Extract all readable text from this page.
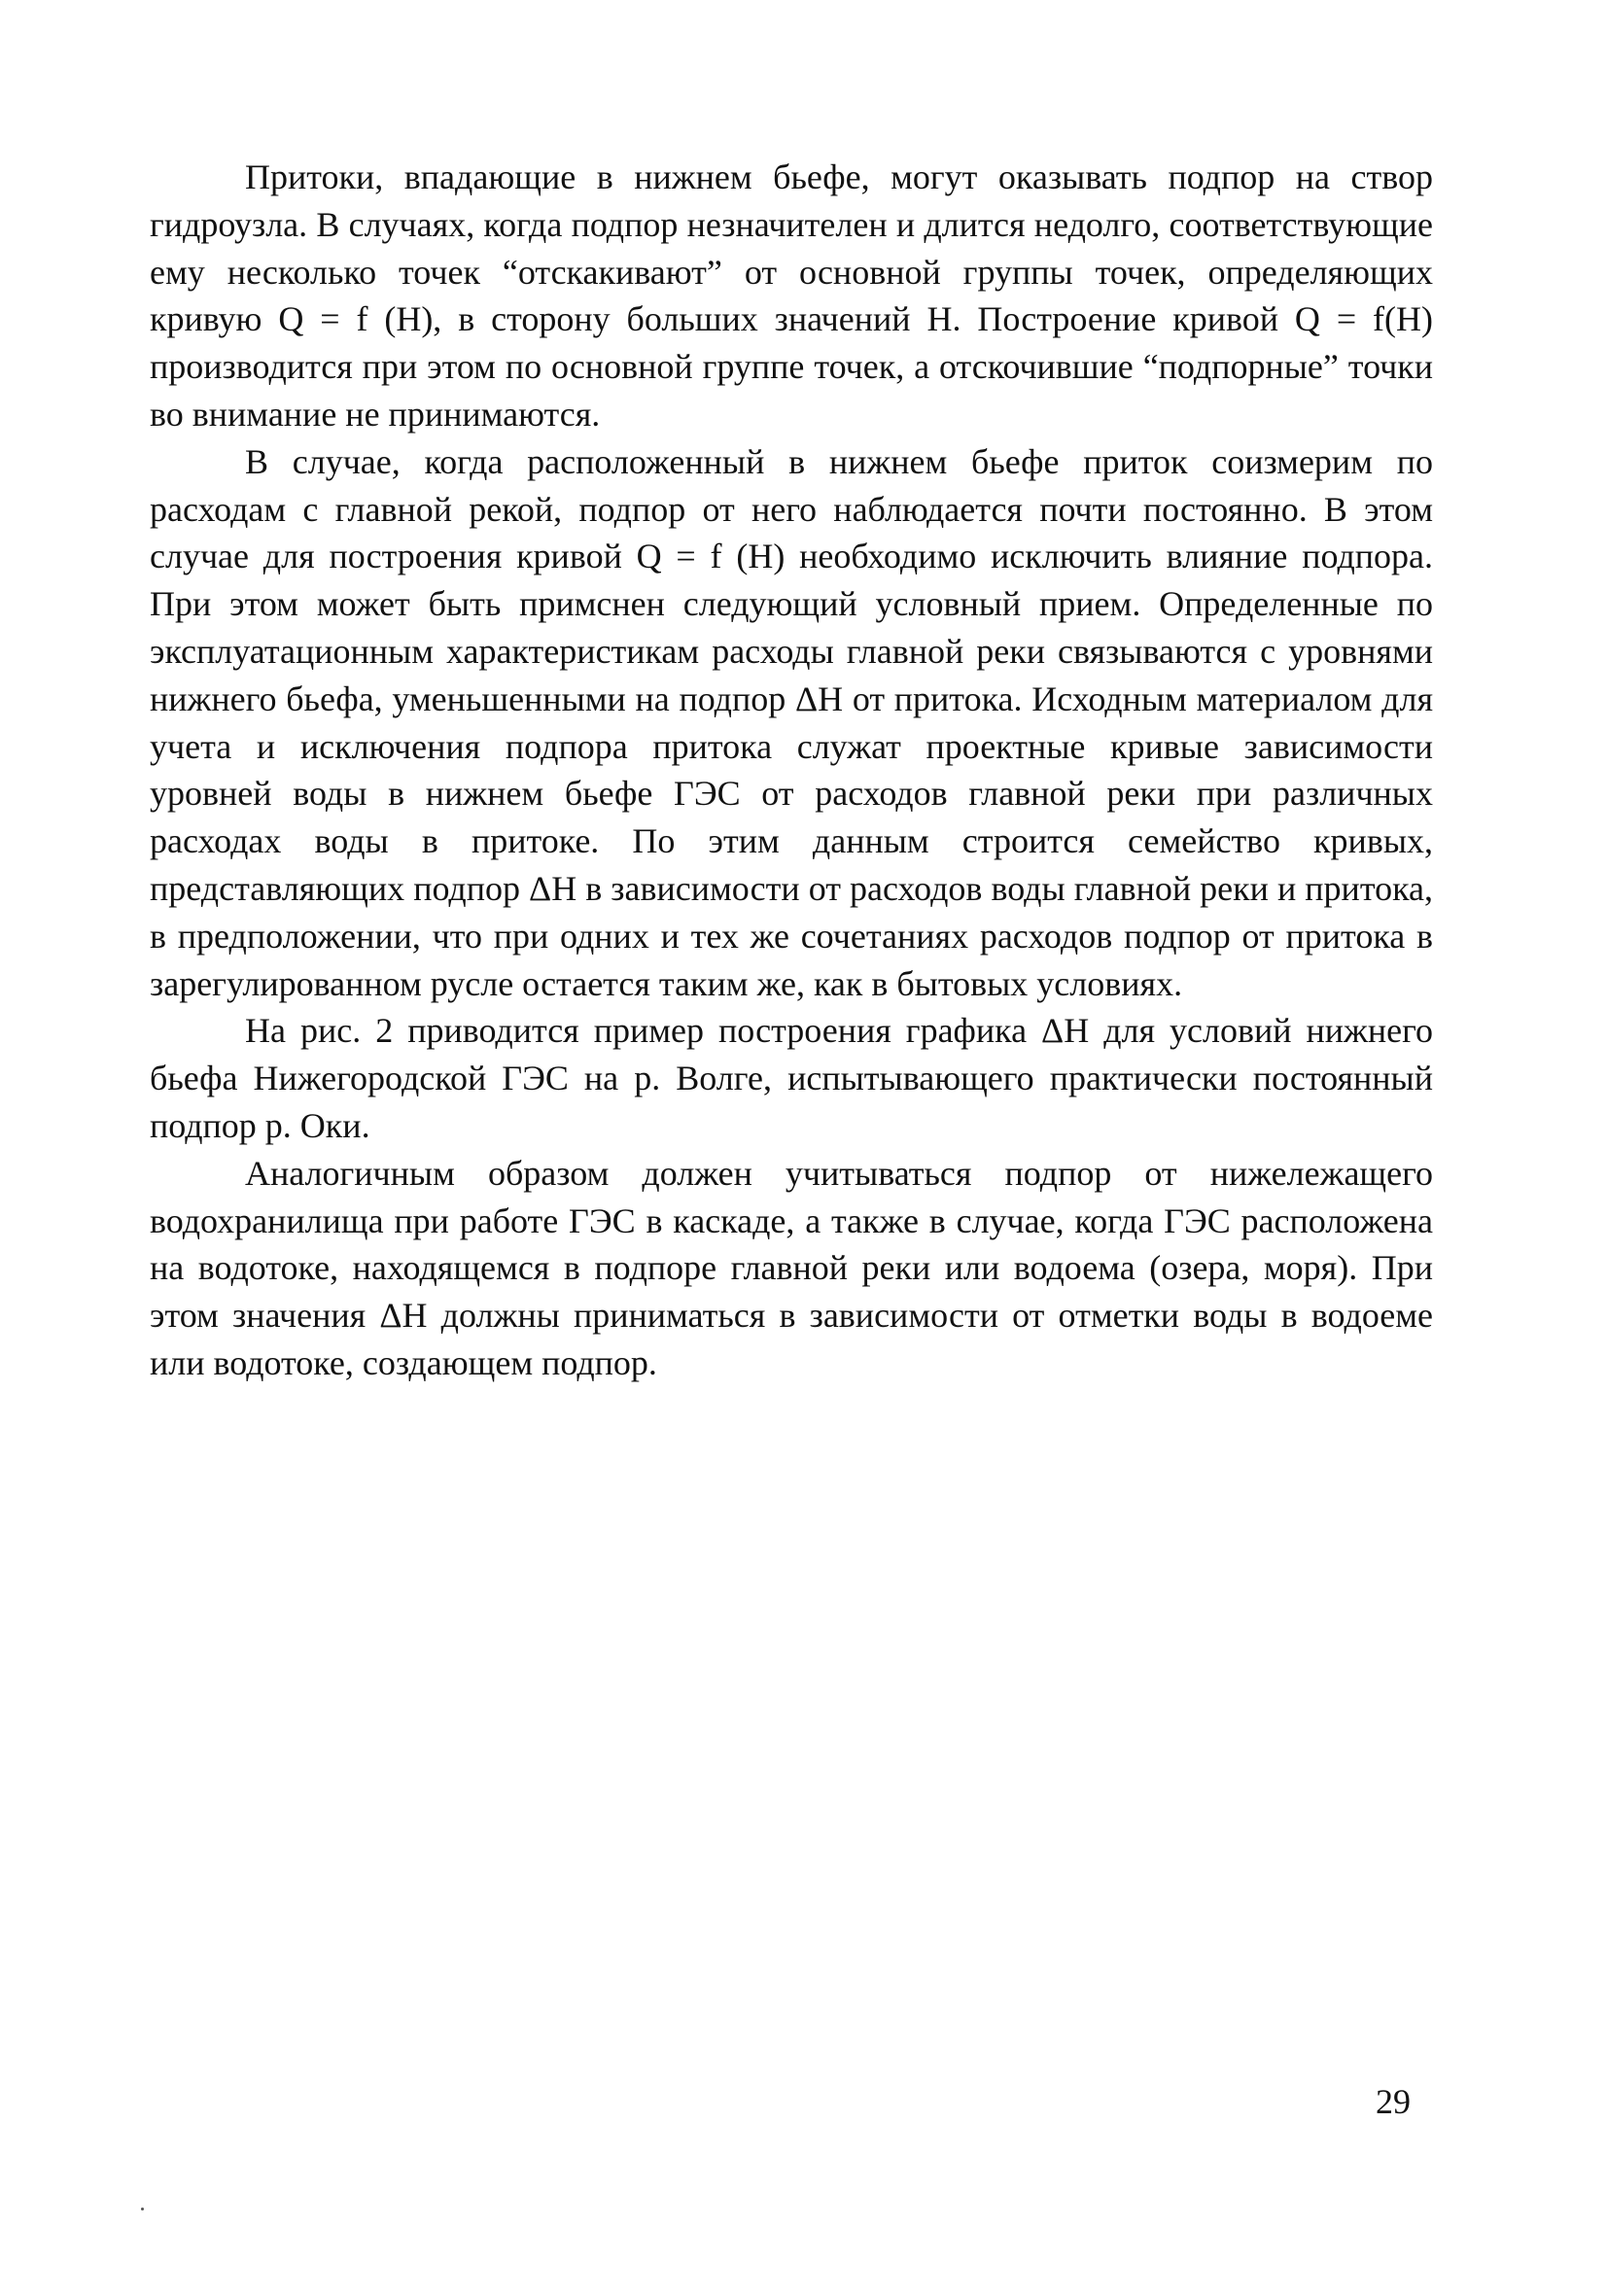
Притоки, впадающие в нижнем бьефе, могут оказывать подпор на створ гидроузла. В случаях, когда подпор незначителен и длится недолго, соответствующие ему несколько точек “отскакивают” от основной группы точек, определяющих кривую Q = f (H), в сторону больших значений H. Построение кривой Q = f(H) производится при этом по основной группе точек, а отскочившие “подпорные” точки во внимание не принимаются.

В случае, когда расположенный в нижнем бьефе приток соизмерим по расходам с главной рекой, подпор от него наблюдается почти постоянно. В этом случае для построения кривой Q = f (H) необходимо исключить влияние подпора. При этом может быть примснен следующий условный прием. Определенные по эксплуатационным характеристикам расходы главной реки связываются с уровнями нижнего бьефа, уменьшенными на подпор ΔH от притока. Исходным материалом для учета и исключения подпора притока служат проектные кривые зависимости уровней воды в нижнем бьефе ГЭС от расходов главной реки при различных расходах воды в притоке. По этим данным строится семейство кривых, представляющих подпор ΔH в зависимости от расходов воды главной реки и притока, в предположении, что при одних и тех же сочетаниях расходов подпор от притока в зарегулированном русле остается таким же, как в бытовых условиях.

На рис. 2 приводится пример построения графика ΔH для условий нижнего бьефа Нижегородской ГЭС на р. Волге, испытывающего практически постоянный подпор р. Оки.

Аналогичным образом должен учитываться подпор от нижележащего водохранилища при работе ГЭС в каскаде, а также в случае, когда ГЭС расположена на водотоке, находящемся в подпоре главной реки или водоема (озера, моря). При этом значения ΔH должны приниматься в зависимости от отметки воды в водоеме или водотоке, создающем подпор.

29
